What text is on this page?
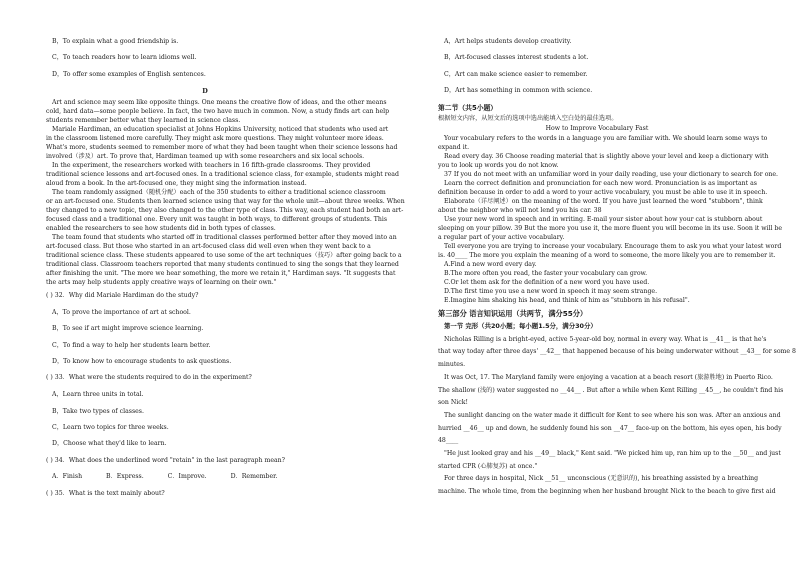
B，To explain what a good friendship is.
C，To teach readers how to learn idioms well.
D，To offer some examples of English sentences.
D
Art and science may seem like opposite things. One means the creative flow of ideas, and the other means
cold, hard data—some people believe. In fact, the two have much in common. Now, a study finds art can help
students remember better what they learned in science class.
Mariale Hardiman, an education specialist at Johns Hopkins University, noticed that students who used art
in the classroom listened more carefully. They might ask more questions. They might volunteer more ideas.
What's more, students seemed to remember more of what they had been taught when their science lessons had
involved（涉及）art. To prove that, Hardiman teamed up with some researchers and six local schools.
In the experiment, the researchers worked with teachers in 16 fifth-grade classrooms. They provided
traditional science lessons and art-focused ones. In a traditional science class, for example, students might read
aloud from a book. In the art-focused one, they might sing the information instead.
The team randomly assigned（随机分配）each of the 350 students to either a traditional science classroom
or an art-focused one. Students then learned science using that way for the whole unit—about three weeks. When
they changed to a new topic, they also changed to the other type of class. This way, each student had both an art-
focused class and a traditional one. Every unit was taught in both ways, to different groups of students. This
enabled the researchers to see how students did in both types of classes.
The team found that students who started off in traditional classes performed better after they moved into an
art-focused class. But those who started in an art-focused class did well even when they went back to a
traditional science class. These students appeared to use some of the art techniques（技巧）after going back to a
traditional class. Classroom teachers reported that many students continued to sing the songs that they learned
after finishing the unit. "The more we hear something, the more we retain it," Hardiman says. "It suggests that
the arts may help students apply creative ways of learning on their own."
( ) 32．Why did Mariale Hardiman do the study?
A，To prove the importance of art at school.
B，To see if art might improve science learning.
C，To find a way to help her students learn better.
D，To know how to encourage students to ask questions.
( ) 33．What were the students required to do in the experiment?
A，Learn three units in total.
B，Take two types of classes.
C，Learn two topics for three weeks.
D，Choose what they'd like to learn.
( ) 34．What does the underlined word "retain" in the last paragraph mean?
A．Finish	B．Express.	C．Improve.	D．Remember.
( ) 35．What is the text mainly about?
A，Art helps students develop creativity.
B，Art-focused classes interest students a lot.
C，Art can make science easier to remember.
D，Art has something in common with science.
第二节（共5小题）
根据短文内容，从短文后的选项中选出能填入空白处的最佳选项。
How to Improve Vocabulary Fast
Your vocabulary refers to the words in a language you are familiar with. We should learn some ways to
expand it.
Read every day. 36 Choose reading material that is slightly above your level and keep a dictionary with
you to look up words you do not know.
37 If you do not meet with an unfamiliar word in your daily reading, use your dictionary to search for one.
Learn the correct definition and pronunciation for each new word. Pronunciation is as important as
definition because in order to add a word to your active vocabulary, you must be able to use it in speech.
Elaborate（详尽阐述）on the meaning of the word. If you have just learned the word "stubborn", think
about the neighbor who will not lend you his car. 38
Use your new word in speech and in writing. E-mail your sister about how your cat is stubborn about
sleeping on your pillow. 39 But the more you use it, the more fluent you will become in its use. Soon it will be
a regular part of your active vocabulary.
Tell everyone you are trying to increase your vocabulary. Encourage them to ask you what your latest word
is. 40____ The more you explain the meaning of a word to someone, the more likely you are to remember it.
A.Find a new word every day.
B.The more often you read, the faster your vocabulary can grow.
C.Or let them ask for the definition of a new word you have used.
D.The first time you use a new word in speech it may seem strange.
E.Imagine him shaking his head, and think of him as "stubborn in his refusal".
第三部分 语言知识运用（共两节，满分55分）
第一节 完形（共20小题；每小题1.5分，满分30分）
Nicholas Rilling is a bright-eyed, active 5-year-old boy, normal in every way. What is __41__ is that he's
that way today after three days' __42__ that happened because of his being underwater without __43__ for some 8
minutes.
It was Oct, 17. The Maryland family were enjoying a vacation at a beach resort (旅游胜地) in Puerto Rico.
The shallow (浅的) water suggested no __44__ . But after a while when Kent Rilling __45__, he couldn't find his
son Nick!
The sunlight dancing on the water made it difficult for Kent to see where his son was. After an anxious and
hurried __46__ up and down, he suddenly found his son __47__ face-up on the bottom, his eyes open, his body
48____
"He just looked gray and his __49__ black," Kent said. "We picked him up, ran him up to the __50__ and just
started CPR (心肺复苏) at once."
For three days in hospital, Nick __51__ unconscious (无意识的), his breathing assisted by a breathing
machine. The whole time, from the beginning when her husband brought Nick to the beach to give first aid
